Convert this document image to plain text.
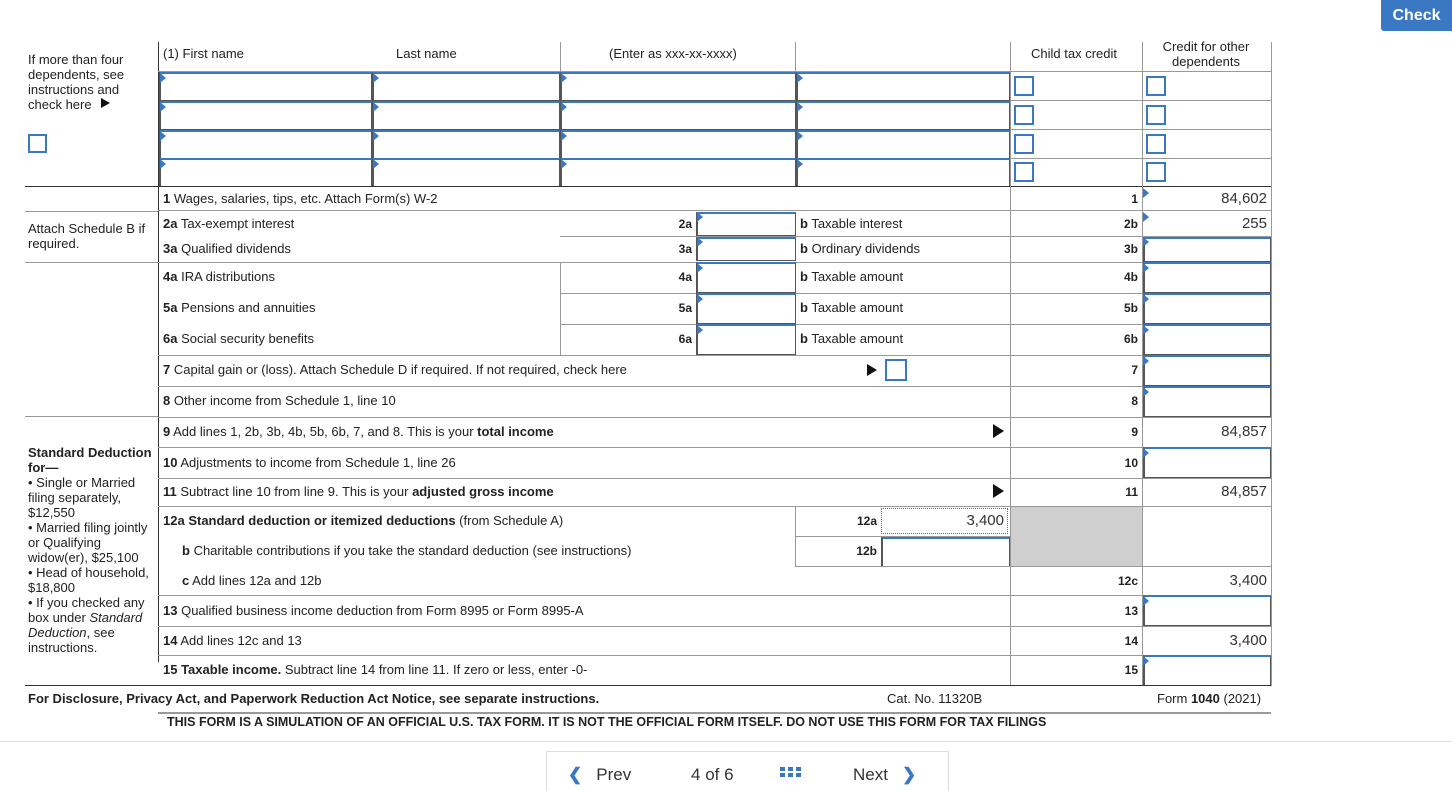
Check
If more than four dependents, see instructions and check here
(1) First name	Last name	(Enter as xxx-xx-xxxx)	Child tax credit	Credit for other dependents
Attach Schedule B if required.
1 Wages, salaries, tips, etc. Attach Form(s) W-2	1	84,602
2a Tax-exempt interest	2a	b Taxable interest	2b	255
3a Qualified dividends	3a	b Ordinary dividends	3b
4a IRA distributions	4a	b Taxable amount	4b
5a Pensions and annuities	5a	b Taxable amount	5b
6a Social security benefits	6a	b Taxable amount	6b
7 Capital gain or (loss). Attach Schedule D if required. If not required, check here	7
8 Other income from Schedule 1, line 10	8
9 Add lines 1, 2b, 3b, 4b, 5b, 6b, 7, and 8. This is your total income	9	84,857
Standard Deduction for—
• Single or Married filing separately, $12,550
• Married filing jointly or Qualifying widow(er), $25,100
• Head of household, $18,800
• If you checked any box under Standard Deduction, see instructions.
10 Adjustments to income from Schedule 1, line 26	10
11 Subtract line 10 from line 9. This is your adjusted gross income	11	84,857
12a Standard deduction or itemized deductions (from Schedule A)	12a	3,400
b Charitable contributions if you take the standard deduction (see instructions)	12b
c Add lines 12a and 12b	12c	3,400
13 Qualified business income deduction from Form 8995 or Form 8995-A	13
14 Add lines 12c and 13	14	3,400
15 Taxable income. Subtract line 14 from line 11. If zero or less, enter -0-	15
For Disclosure, Privacy Act, and Paperwork Reduction Act Notice, see separate instructions.	Cat. No. 11320B	Form 1040 (2021)
THIS FORM IS A SIMULATION OF AN OFFICIAL U.S. TAX FORM. IT IS NOT THE OFFICIAL FORM ITSELF. DO NOT USE THIS FORM FOR TAX FILINGS
❮ Prev	4 of 6	Next ❯
